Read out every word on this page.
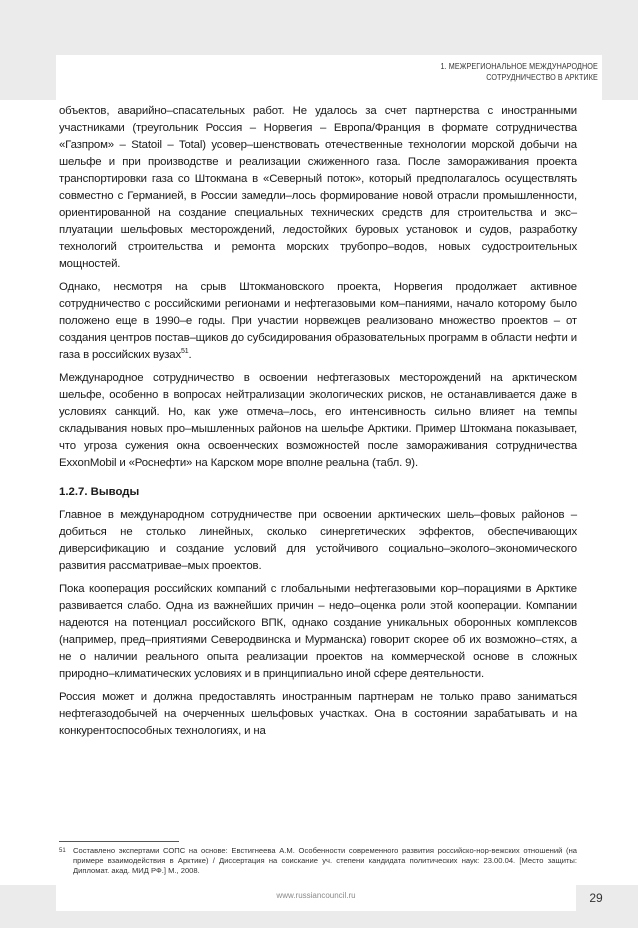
1. МЕЖРЕГИОНАЛЬНОЕ МЕЖДУНАРОДНОЕ
СОТРУДНИЧЕСТВО В АРКТИКЕ

объектов, аварийно–спасательных работ. Не удалось за счет партнерства с иностранными участниками (треугольник Россия – Норвегия – Европа/Франция в формате сотрудничества «Газпром» – Statoil – Total) усовер–шенствовать отечественные технологии морской добычи на шельфе и при производстве и реализации сжиженного газа. После замораживания проекта транспортировки газа со Штокмана в «Северный поток», который предполагалось осуществлять совместно с Германией, в России замедли–лось формирование новой отрасли промышленности, ориентированной на создание специальных технических средств для строительства и экс–плуатации шельфовых месторождений, ледостойких буровых установок и судов, разработку технологий строительства и ремонта морских трубопро–водов, новых судостроительных мощностей.

Однако, несмотря на срыв Штокмановского проекта, Норвегия продолжает активное сотрудничество с российскими регионами и нефтегазовыми ком–паниями, начало которому было положено еще в 1990–е годы. При участии норвежцев реализовано множество проектов – от создания центров постав–щиков до субсидирования образовательных программ в области нефти и газа в российских вузах$^{51}$.

Международное сотрудничество в освоении нефтегазовых месторождений на арктическом шельфе, особенно в вопросах нейтрализации экологических рисков, не останавливается даже в условиях санкций. Но, как уже отмеча–лось, его интенсивность сильно влияет на темпы складывания новых про–мышленных районов на шельфе Арктики. Пример Штокмана показывает, что угроза сужения окна освоенческих возможностей после замораживания сотрудничества ExxonMobil и «Роснефти» на Карском море вполне реальна (табл. 9).

1.2.7. Выводы

Главное в международном сотрудничестве при освоении арктических шель–фовых районов – добиться не столько линейных, сколько синергетических эффектов, обеспечивающих диверсификацию и создание условий для устойчивого социально–эколого–экономического развития рассматривае–мых проектов.

Пока кооперация российских компаний с глобальными нефтегазовыми кор–порациями в Арктике развивается слабо. Одна из важнейших причин – недо–оценка роли этой кооперации. Компании надеются на потенциал российского ВПК, однако создание уникальных оборонных комплексов (например, пред–приятиями Северодвинска и Мурманска) говорит скорее об их возможно–стях, а не о наличии реального опыта реализации проектов на коммерческой основе в сложных природно–климатических условиях и в принципиально иной сфере деятельности.

Россия может и должна предоставлять иностранным партнерам не только право заниматься нефтегазодобычей на очерченных шельфовых участках. Она в состоянии зарабатывать и на конкурентоспособных технологиях, и на

51 Составлено экспертами СОПС на основе: Евстигнеева А.М. Особенности современного развития российско-нор-вежских отношений (на примере взаимодействия в Арктике) / Диссертация на соискание уч. степени кандидата политических наук: 23.00.04. [Место защиты: Дипломат. акад. МИД РФ.] М., 2008.
www.russiancouncil.ru	29
